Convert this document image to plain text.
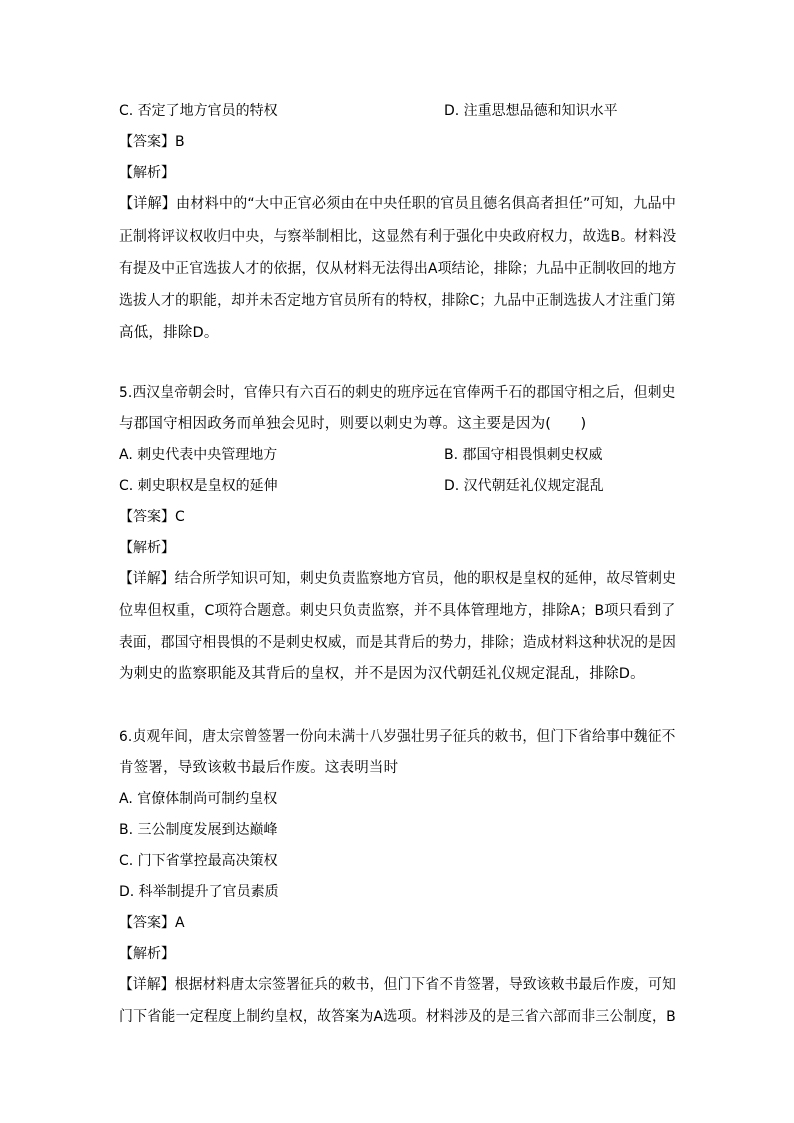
C. 否定了地方官员的特权	D. 注重思想品德和知识水平
【答案】B
【解析】
【详解】由材料中的“大中正官必须由在中央任职的官员且德名俱高者担任”可知，九品中
正制将评议权收归中央，与察举制相比，这显然有利于强化中央政府权力，故选B。材料没
有提及中正官选拔人才的依据，仅从材料无法得出A项结论，排除；九品中正制收回的地方
选拔人才的职能，却并未否定地方官员所有的特权，排除C；九品中正制选拔人才注重门第
高低，排除D。
5.西汉皇帝朝会时，官俸只有六百石的刺史的班序远在官俸两千石的郡国守相之后，但刺史
与郡国守相因政务而单独会见时，则要以刺史为尊。这主要是因为(　　)
A. 刺史代表中央管理地方	B. 郡国守相畏惧刺史权威
C. 刺史职权是皇权的延伸	D. 汉代朝廷礼仪规定混乱
【答案】C
【解析】
【详解】结合所学知识可知，刺史负责监察地方官员，他的职权是皇权的延伸，故尽管刺史
位卑但权重，C项符合题意。刺史只负责监察，并不具体管理地方，排除A；B项只看到了
表面，郡国守相畏惧的不是刺史权威，而是其背后的势力，排除；造成材料这种状况的是因
为刺史的监察职能及其背后的皇权，并不是因为汉代朝廷礼仪规定混乱，排除D。
6.贞观年间，唐太宗曾签署一份向未满十八岁强壮男子征兵的敕书，但门下省给事中魏征不
肯签署，导致该敕书最后作废。这表明当时
A. 官僚体制尚可制约皇权
B. 三公制度发展到达巅峰
C. 门下省掌控最高决策权
D. 科举制提升了官员素质
【答案】A
【解析】
【详解】根据材料唐太宗签署征兵的敕书，但门下省不肯签署，导致该敕书最后作废，可知
门下省能一定程度上制约皇权，故答案为A选项。材料涉及的是三省六部而非三公制度，B
